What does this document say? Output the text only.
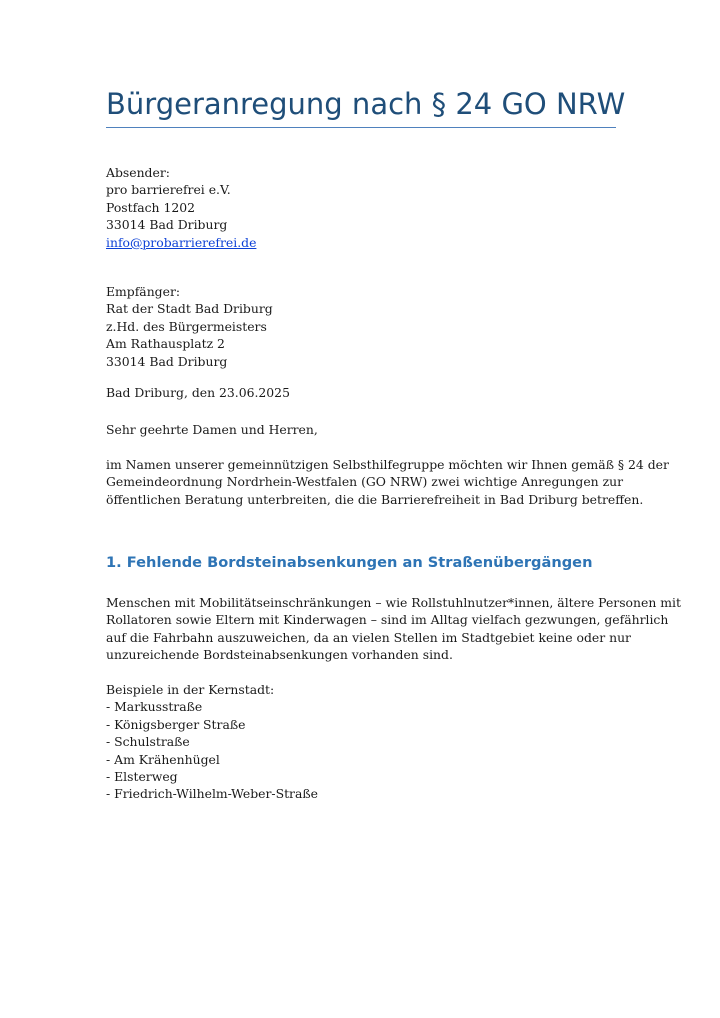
Bürgeranregung nach § 24 GO NRW
Absender:
pro barrierefrei e.V.
Postfach 1202
33014 Bad Driburg
info@probarrierefrei.de
Empfänger:
Rat der Stadt Bad Driburg
z.Hd. des Bürgermeisters
Am Rathausplatz 2
33014 Bad Driburg

Bad Driburg, den 23.06.2025

Sehr geehrte Damen und Herren,

im Namen unserer gemeinnützigen Selbsthilfegruppe möchten wir Ihnen gemäß § 24 der
Gemeindeordnung Nordrhein-Westfalen (GO NRW) zwei wichtige Anregungen zur
öffentlichen Beratung unterbreiten, die die Barrierefreiheit in Bad Driburg betreffen.
1. Fehlende Bordsteinabsenkungen an Straßenübergängen
Menschen mit Mobilitätseinschränkungen – wie Rollstuhlnutzer*innen, ältere Personen mit
Rollatoren sowie Eltern mit Kinderwagen – sind im Alltag vielfach gezwungen, gefährlich
auf die Fahrbahn auszuweichen, da an vielen Stellen im Stadtgebiet keine oder nur
unzureichende Bordsteinabsenkungen vorhanden sind.
Beispiele in der Kernstadt:
- Markusstraße
- Königsberger Straße
- Schulstraße
- Am Krähenhügel
- Elsterweg
- Friedrich-Wilhelm-Weber-Straße
